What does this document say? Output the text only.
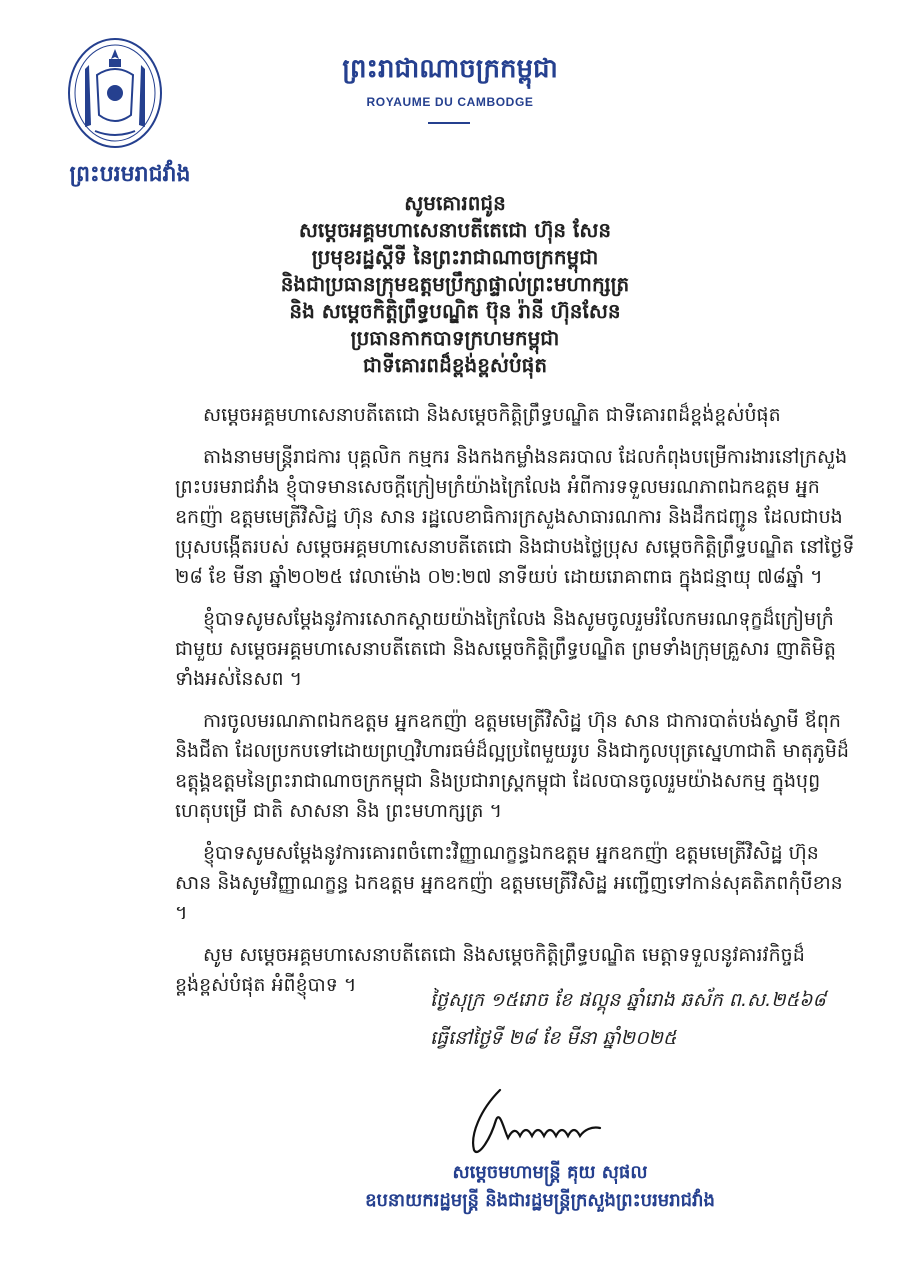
ព្រះបរមរាជវាំង
ព្រះរាជាណាចក្រកម្ពុជា
ROYAUME DU CAMBODGE
សូមគោរពជូន
សម្តេចអគ្គមហាសេនាបតីតេជោ ហ៊ុន សែន
ប្រមុខរដ្ឋស្តីទី នៃព្រះរាជាណាចក្រកម្ពុជា
និងជាប្រធានក្រុមឧត្តមប្រឹក្សាផ្ទាល់ព្រះមហាក្សត្រ
និង សម្តេចកិត្តិព្រឹទ្ធបណ្ឌិត ប៊ុន រ៉ានី ហ៊ុនសែន
ប្រធានកាកបាទក្រហមកម្ពុជា
ជាទីគោរពដ៏ខ្ពង់ខ្ពស់បំផុត

សម្តេចអគ្គមហាសេនាបតីតេជោ និងសម្តេចកិត្តិព្រឹទ្ធបណ្ឌិត ជាទីគោរពដ៏ខ្ពង់ខ្ពស់បំផុត

តាងនាមមន្ត្រីរាជការ បុគ្គលិក កម្មករ និងកងកម្លាំងនគរបាល ដែលកំពុងបម្រើការងារនៅក្រសួងព្រះបរមរាជវាំង ខ្ញុំបាទមានសេចក្តីក្រៀមក្រំយ៉ាងក្រៃលែង អំពីការទទួលមរណភាពឯកឧត្តម អ្នកឧកញ៉ា ឧត្តមមេត្រីវិសិដ្ឋ ហ៊ុន សាន រដ្ឋលេខាធិការក្រសួងសាធារណការ និងដឹកជញ្ជូន ដែលជាបងប្រុសបង្កើតរបស់ សម្តេចអគ្គមហាសេនាបតីតេជោ និងជាបងថ្លៃប្រុស សម្តេចកិត្តិព្រឹទ្ធបណ្ឌិត នៅថ្ងៃទី ២៨ ខែ មីនា ឆ្នាំ២០២៥ វេលាម៉ោង ០២:២៧ នាទីយប់ ដោយរោគាពាធ ក្នុងជន្មាយុ ៧៨ឆ្នាំ ។

ខ្ញុំបាទសូមសម្តែងនូវការសោកស្តាយយ៉ាងក្រៃលែង និងសូមចូលរួមរំលែកមរណទុក្ខដ៏ក្រៀមក្រំ ជាមួយ សម្តេចអគ្គមហាសេនាបតីតេជោ និងសម្តេចកិត្តិព្រឹទ្ធបណ្ឌិត ព្រមទាំងក្រុមគ្រួសារ ញាតិមិត្តទាំងអស់នៃសព ។

ការចូលមរណភាពឯកឧត្តម អ្នកឧកញ៉ា ឧត្តមមេត្រីវិសិដ្ឋ ហ៊ុន សាន ជាការបាត់បង់ស្វាមី ឪពុក និងជីតា ដែលប្រកបទៅដោយព្រហ្មវិហារធម៌ដ៏ល្អប្រពៃមួយរូប និងជាកូលបុត្រស្នេហាជាតិ មាតុភូមិដ៏ឧត្តុង្គឧត្តមនៃព្រះរាជាណាចក្រកម្ពុជា និងប្រជារាស្ត្រកម្ពុជា ដែលបានចូលរួមយ៉ាងសកម្ម ក្នុងបុព្វហេតុបម្រើ ជាតិ សាសនា និង ព្រះមហាក្សត្រ ។

ខ្ញុំបាទសូមសម្តែងនូវការគោរពចំពោះវិញ្ញាណក្ខន្ធឯកឧត្តម អ្នកឧកញ៉ា ឧត្តមមេត្រីវិសិដ្ឋ ហ៊ុន សាន និងសូមវិញ្ញាណក្ខន្ធ ឯកឧត្តម អ្នកឧកញ៉ា ឧត្តមមេត្រីវិសិដ្ឋ អញ្ជើញទៅកាន់សុគតិភពកុំបីខាន ។

សូម សម្តេចអគ្គមហាសេនាបតីតេជោ និងសម្តេចកិត្តិព្រឹទ្ធបណ្ឌិត មេត្តាទទួលនូវគារវកិច្ចដ៏ខ្ពង់ខ្ពស់បំផុត អំពីខ្ញុំបាទ ។

ថ្ងៃសុក្រ ១៥រោច ខែ ផល្គុន ឆ្នាំរោង ឆស័ក ព.ស.២៥៦៨
ធ្វើនៅថ្ងៃទី ២៨ ខែ មីនា ឆ្នាំ២០២៥
សម្តេចមហាមន្ត្រី គុយ សុផល
ឧបនាយករដ្ឋមន្ត្រី និងជារដ្ឋមន្ត្រីក្រសួងព្រះបរមរាជវាំង
